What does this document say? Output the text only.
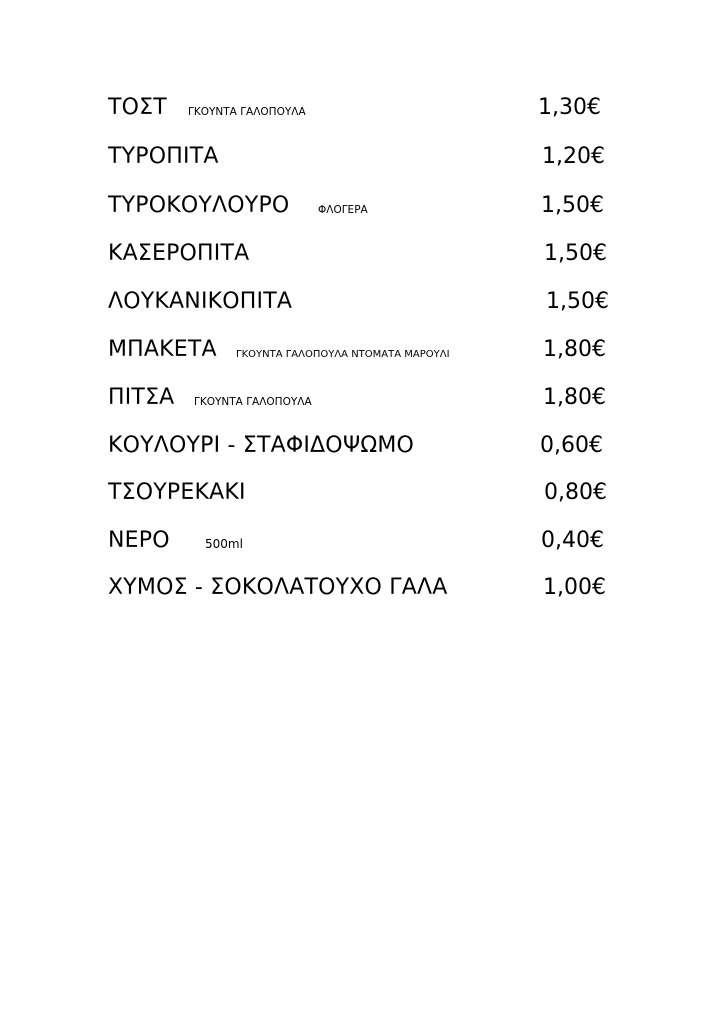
ΤΟΣΤ ΓΚΟΥΝΤΑ ΓΑΛΟΠΟΥΛΑ	1,30€
ΤΥΡΟΠΙΤΑ	1,20€
ΤΥΡΟΚΟΥΛΟΥΡΟ	ΦΛΟΓΕΡΑ	1,50€
ΚΑΣΕΡΟΠΙΤΑ	1,50€
ΛΟΥΚΑΝΙΚΟΠΙΤΑ	1,50€
ΜΠΑΚΕΤΑ ΓΚΟΥΝΤΑ ΓΑΛΟΠΟΥΛΑ ΝΤΟΜΑΤΑ ΜΑΡΟΥΛΙ	1,80€
ΠΙΤΣΑ ΓΚΟΥΝΤΑ ΓΑΛΟΠΟΥΛΑ	1,80€
ΚΟΥΛΟΥΡΙ - ΣΤΑΦΙΔΟΨΩΜΟ	0,60€
ΤΣΟΥΡΕΚΑΚΙ	0,80€
ΝΕΡΟ	500ml	0,40€
ΧΥΜΟΣ - ΣΟΚΟΛΑΤΟΥΧΟ ΓΑΛΑ	1,00€
